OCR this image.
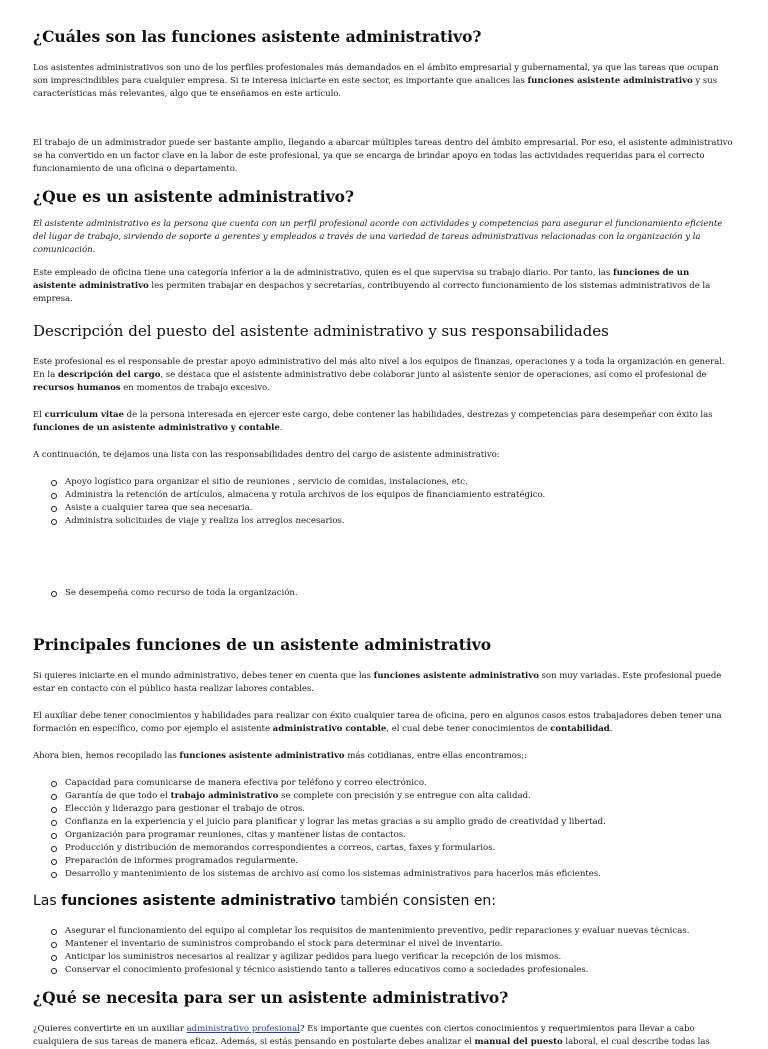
¿Cuáles son las funciones asistente administrativo?

Los asistentes administrativos son uno de los perfiles profesionales más demandados en el ámbito empresarial y gubernamental, ya que las tareas que ocupan son imprescindibles para cualquier empresa. Si te interesa iniciarte en este sector, es importante que analices las funciones asistente administrativo y sus características más relevantes, algo que te enseñamos en este artículo.

El trabajo de un administrador puede ser bastante amplio, llegando a abarcar múltiples tareas dentro del ámbito empresarial. Por eso, el asistente administrativo se ha convertido en un factor clave en la labor de este profesional, ya que se encarga de brindar apoyo en todas las actividades requeridas para el correcto funcionamiento de una oficina o departamento.

¿Que es un asistente administrativo?

El asistente administrativo es la persona que cuenta con un perfil profesional acorde con actividades y competencias para asegurar el funcionamiento eficiente del lugar de trabajo, sirviendo de soporte a gerentes y empleados a través de una variedad de tareas administrativas relacionadas con la organización y la comunicación.

Este empleado de oficina tiene una categoría inferior a la de administrativo, quien es el que supervisa su trabajo diario. Por tanto, las funciones de un asistente administrativo les permiten trabajar en despachos y secretarías, contribuyendo al correcto funcionamiento de los sistemas administrativos de la empresa.

Descripción del puesto del asistente administrativo y sus responsabilidades

Este profesional es el responsable de prestar apoyo administrativo del más alto nivel a los equipos de finanzas, operaciones y a toda la organización en general. En la descripción del cargo, se destaca que el asistente administrativo debe colaborar junto al asistente senior de operaciones, así como el profesional de recursos humanos en momentos de trabajo excesivo.

El curriculum vitae de la persona interesada en ejercer este cargo, debe contener las habilidades, destrezas y competencias para desempeñar con éxito las funciones de un asistente administrativo y contable.

A continuación, te dejamos una lista con las responsabilidades dentro del cargo de asistente administrativo:

Apoyo logístico para organizar el sitio de reuniones , servicio de comidas, instalaciones, etc.
Administra la retención de artículos, almacena y rotula archivos de los equipos de financiamiento estratégico.
Asiste a cualquier tarea que sea necesaria.
Administra solicitudes de viaje y realiza los arreglos necesarios.
Se desempeña como recurso de toda la organización.
Principales funciones de un asistente administrativo

Si quieres iniciarte en el mundo administrativo, debes tener en cuenta que las funciones asistente administrativo son muy variadas. Este profesional puede estar en contacto con el público hasta realizar labores contables.

El auxiliar debe tener conocimientos y habilidades para realizar con éxito cualquier tarea de oficina, pero en algunos casos estos trabajadores deben tener una formación en específico, como por ejemplo el asistente administrativo contable, el cual debe tener conocimientos de contabilidad.

Ahora bien, hemos recopilado las funciones asistente administrativo más cotidianas, entre ellas encontramos;:

Capacidad para comunicarse de manera efectiva por teléfono y correo electrónico.
Garantía de que todo el trabajo administrativo se complete con precisión y se entregue con alta calidad.
Elección y liderazgo para gestionar el trabajo de otros.
Confianza en la experiencia y el juicio para planificar y lograr las metas gracias a su amplio grado de creatividad y libertad.
Organización para programar reuniones, citas y mantener listas de contactos.
Producción y distribución de memorandos correspondientes a correos, cartas, faxes y formularios.
Preparación de informes programados regularmente.
Desarrollo y mantenimiento de los sistemas de archivo así como los sistemas administrativos para hacerlos más eficientes.
Las funciones asistente administrativo también consisten en:
Asegurar el funcionamiento del equipo al completar los requisitos de mantenimiento preventivo, pedir reparaciones y evaluar nuevas técnicas.
Mantener el inventario de suministros comprobando el stock para determinar el nivel de inventario.
Anticipar los suministros necesarios al realizar y agilizar pedidos para luego verificar la recepción de los mismos.
Conservar el conocimiento profesional y técnico asistiendo tanto a talleres educativos como a sociedades profesionales.
¿Qué se necesita para ser un asistente administrativo?

¿Quieres convertirte en un auxiliar administrativo profesional? Es importante que cuentes con ciertos conocimientos y requerimientos para llevar a cabo cualquiera de sus tareas de manera eficaz. Además, si estás pensando en postularte debes analizar el manual del puesto laboral, el cual describe todas las
